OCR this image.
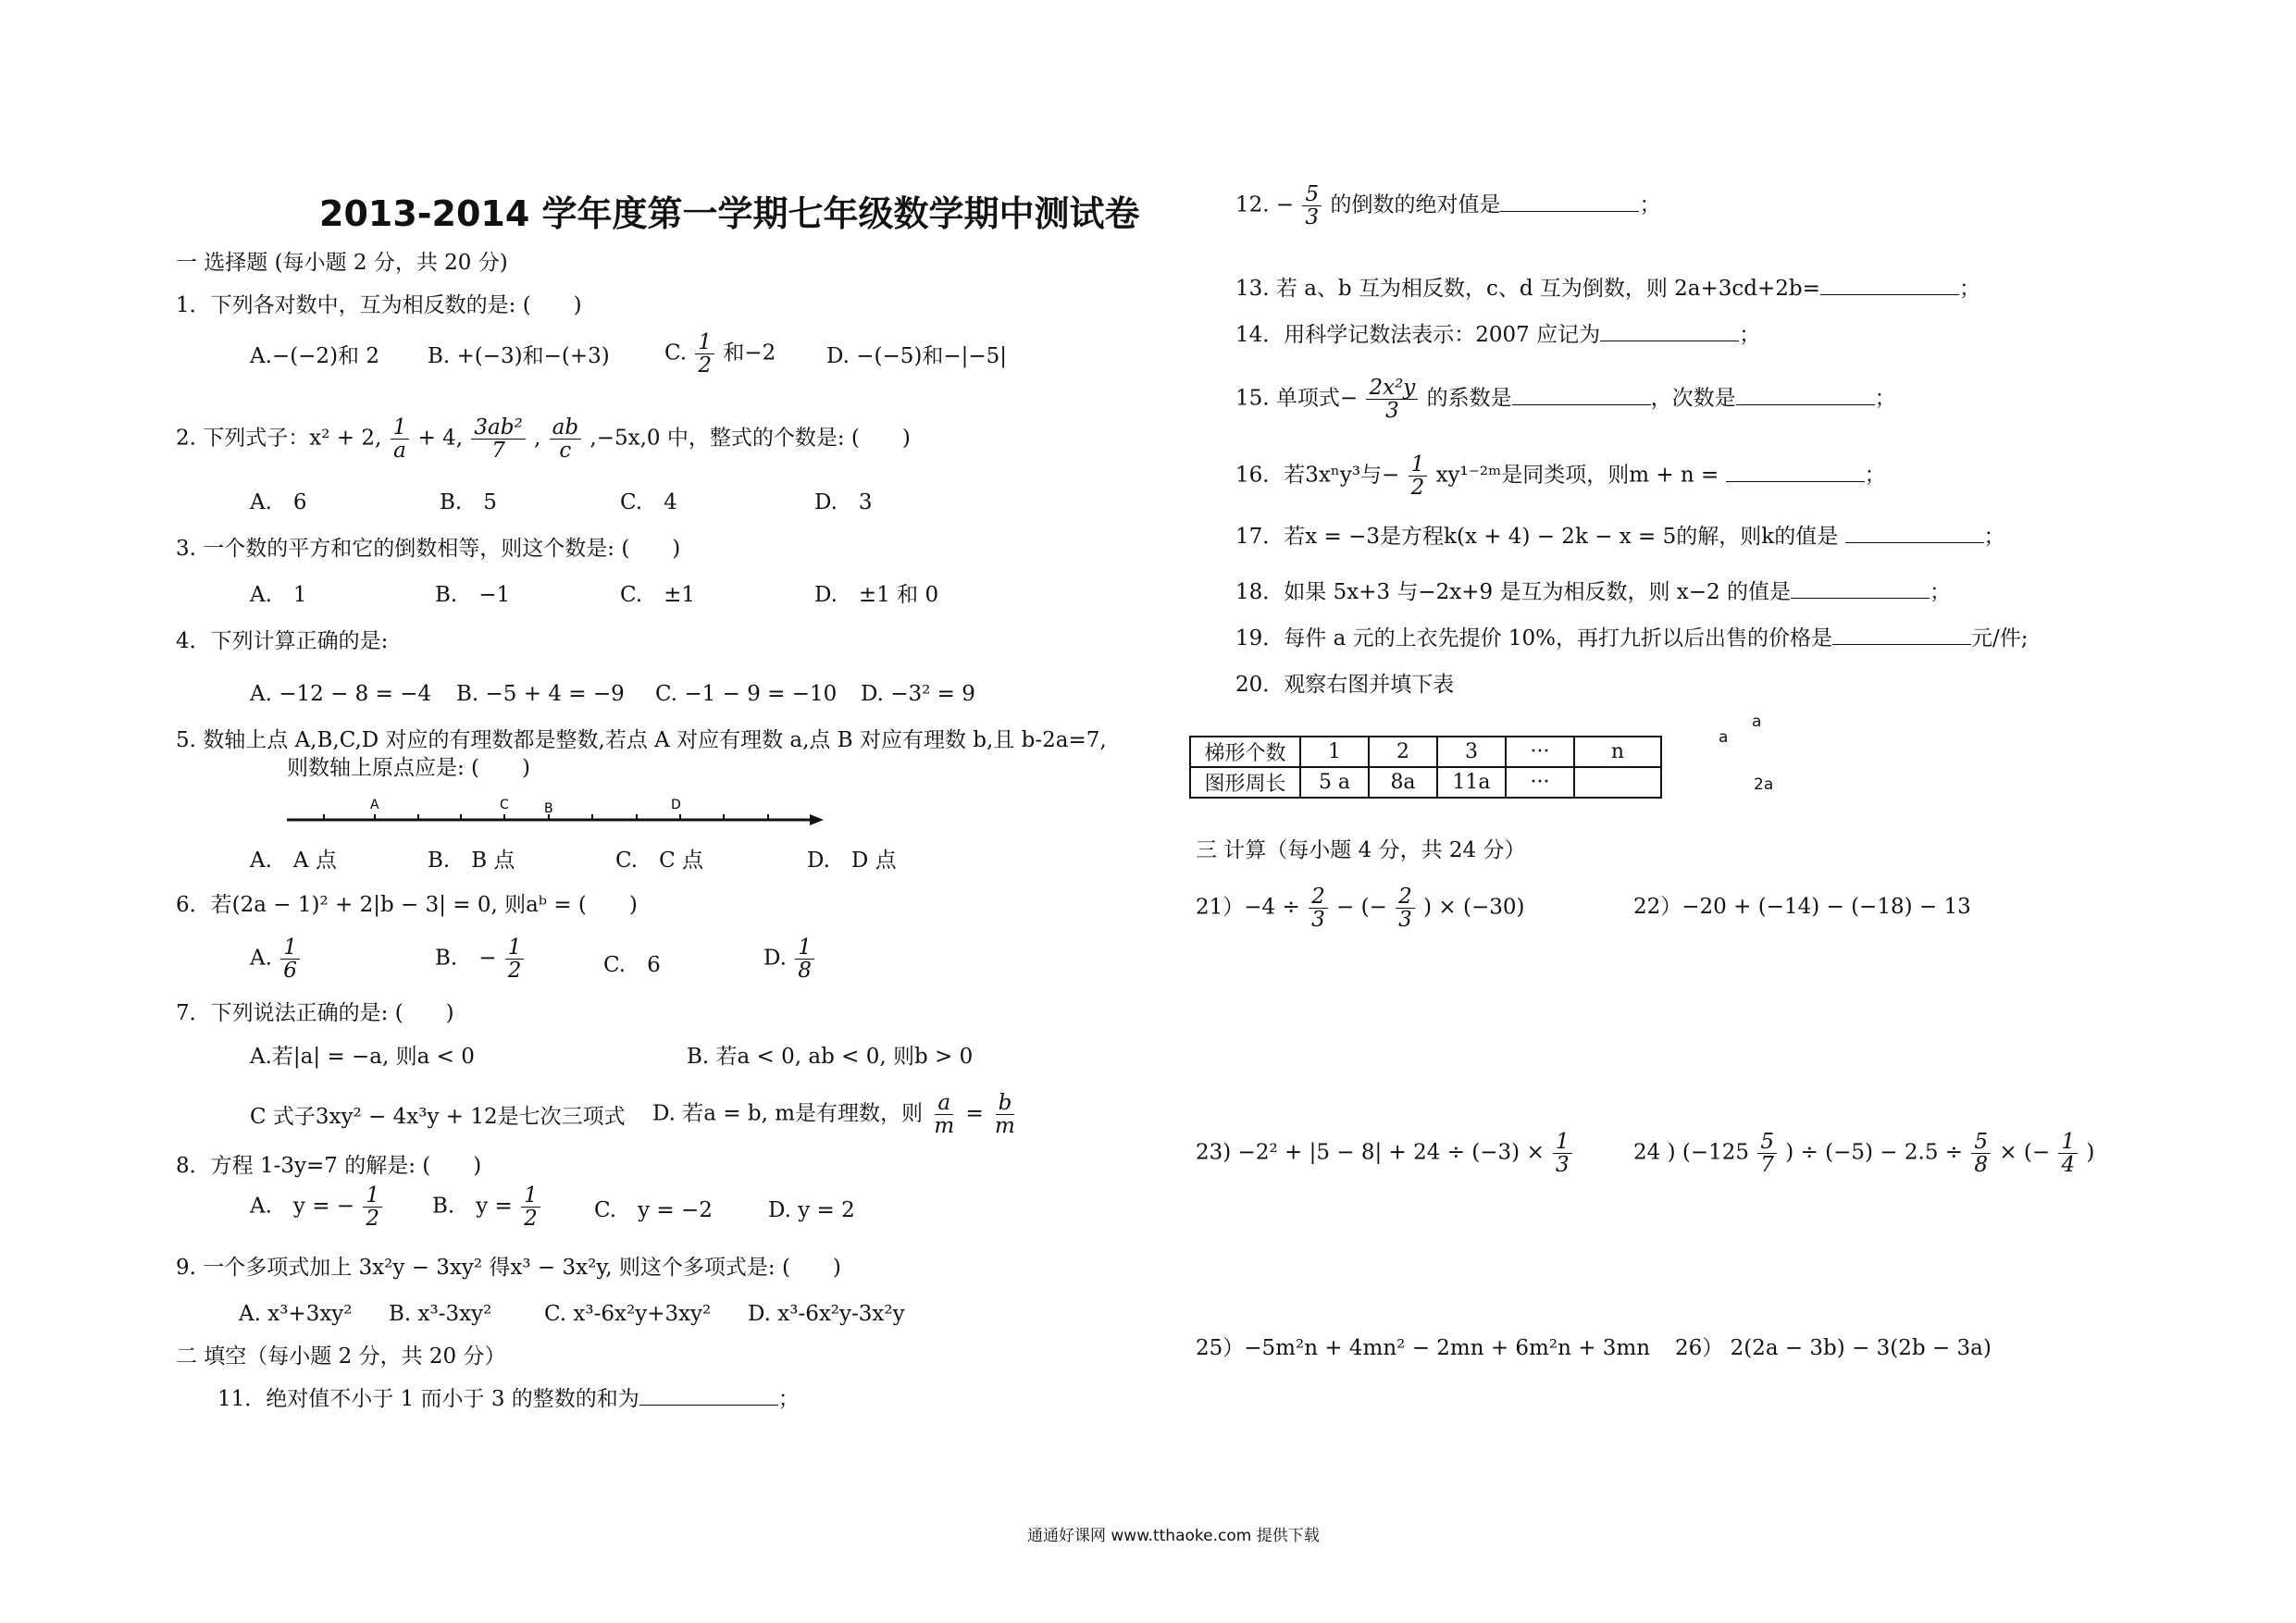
2013-2014 学年度第一学期七年级数学期中测试卷
一 选择题 (每小题 2 分，共 20 分)
1．下列各对数中，互为相反数的是: (　　)
A.−(−2)和 2 B. +(−3)和−(+3)	C. $\frac{1}{2}$ 和−2 D. −(−5)和−|−5|
2. 下列式子：x² + 2, $\frac{1}{a} + 4$, $\frac{\text{3ab²}}{7}$ , $\frac{ab}{c} ,-5x,0$ 中，整式的个数是: (　　)
A.　6	B.　5	C.　4	D.　3
3. 一个数的平方和它的倒数相等，则这个数是: (　　)
A.　1	B.　−1	C.　±1	D.　±1 和 0
4．下列计算正确的是:
A. −12 − 8 = −4 B. −5 + 4 = −9 C. −1 − 9 = −10 D. −3² = 9
5. 数轴上点 A,B,C,D 对应的有理数都是整数,若点 A 对应有理数 a,点 B 对应有理数 b,且 b-2a=7,
则数轴上原点应是: (　　)
A	C	B	D
A.　A 点	B.　B 点	C.　C 点	D.　D 点
6．若(2a − 1)² + 2|b − 3| = 0, 则aᵇ = (　　)
A. $\frac{1}{6}$	B.　− $\frac{1}{2}$	C.　6	D. $\frac{1}{8}$
7．下列说法正确的是: (　　)
A.若|a| = −a, 则a < 0	B. 若a < 0, ab < 0, 则b > 0
C 式子3xy² − 4x³y + 12是七次三项式 D. 若a = b, m是有理数，则 $\frac{a}{m} = \frac{b}{m}$
8．方程 1-3y=7 的解是: (　　)
A.　y = − $\frac{1}{2} B$.　$y = \frac{1}{2}$	C.　y = −2	D. y = 2
9. 一个多项式加上 3x²y − 3xy² 得x³ − 3x²y, 则这个多项式是: (　　)
A. x³+3xy² B. x³-3xy² C. x³-6x²y+3xy² D. x³-6x²y-3x²y
二 填空（每小题 2 分，共 20 分）
11．绝对值不小于 1 而小于 3 的整数的和为	；
12. − $\frac{5}{3}$ 的倒数的绝对值是	；
13. 若 a、b 互为相反数，c、d 互为倒数，则 2a+3cd+2b=	；
14．用科学记数法表示：2007 应记为	；
15. 单项式− $\frac{\text{2x²y}}{3}$ 的系数是	，次数是	；
16．若3xⁿy³与− $\frac{1}{2}$ xy¹⁻²ᵐ是同类项，则m + n =	；
17．若x = −3是方程k(x + 4) − 2k − x = 5的解，则k的值是	；
18．如果 5x+3 与−2x+9 是互为相反数，则 x−2 的值是	；
19．每件 a 元的上衣先提价 10%，再打九折以后出售的价格是	元/件;
20．观察右图并填下表
梯形个数	1	2	3	···	n
图形周长	5 a	8a	11a	···	
a
a
2a
三 计算（每小题 4 分，共 24 分）
$21)-4 \div \frac{2}{3}$ − (− $\frac{2}{3}$ ) × (−30)	22）−20 + (−14) − (−18) − 13
$23) -2^2 + |5 - 8| + 24 \div (-3) \times \frac{1}{3}$	24 ) ($-125 \frac{5}{7}$ ) ÷ $(-5) - 2.5 \div \frac{5}{8}$ × (− $\frac{1}{4}$ )
25）−5m²n + 4mn² − 2mn + 6m²n + 3mn 26） 2(2a − 3b) − 3(2b − 3a)
通通好课网 www.tthaoke.com 提供下载
